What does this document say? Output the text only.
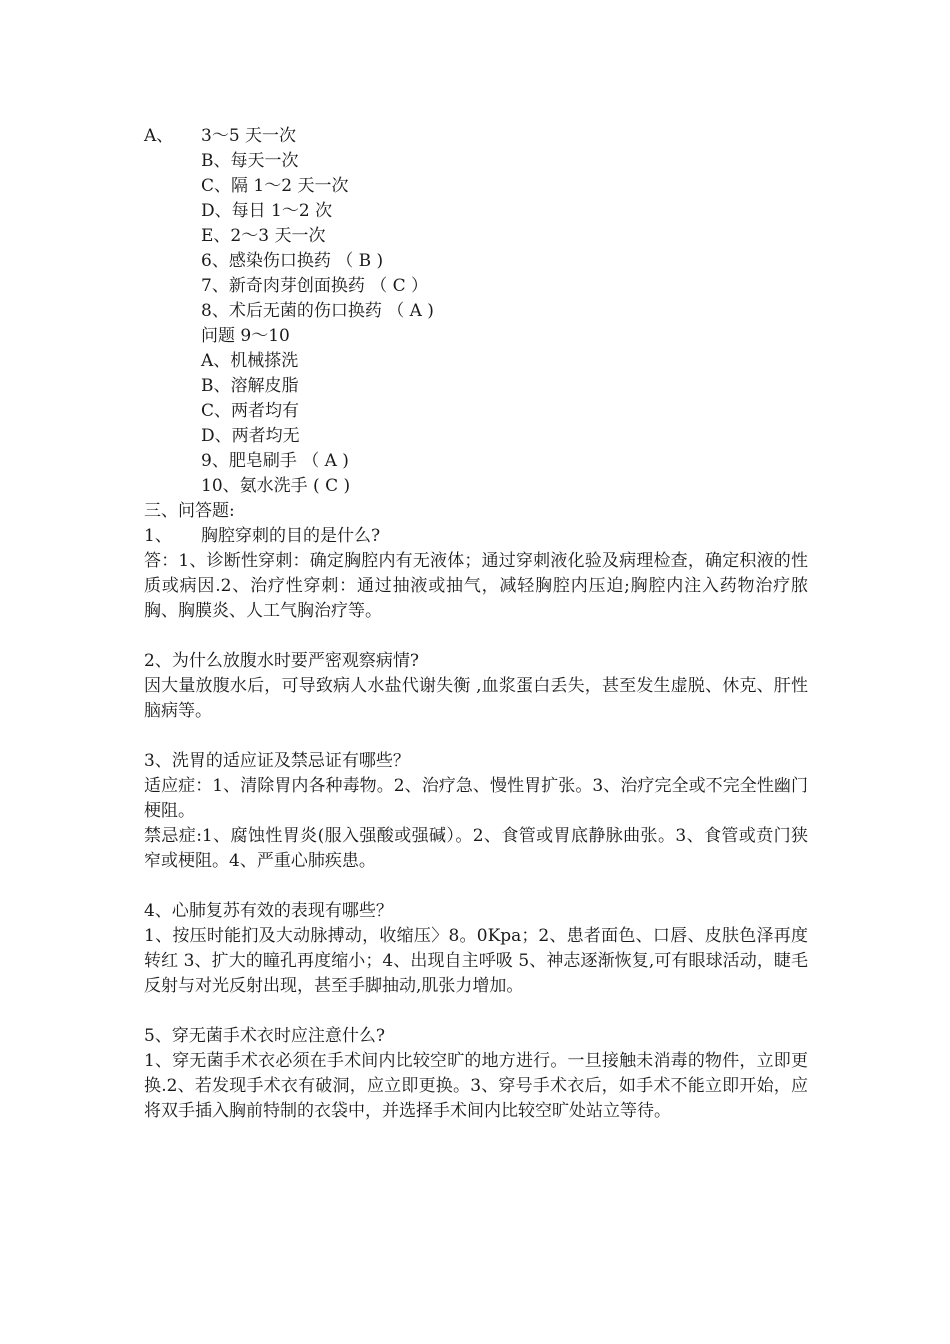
A、 3～5 天一次
B、每天一次
C、隔 1～2 天一次
D、每日 1～2 次
E、2～3 天一次
6、感染伤口换药 （ B )
7、新奇肉芽创面换药 （ C ）
8、术后无菌的伤口换药 （ A )
问题 9～10
A、机械搽洗
B、溶解皮脂
C、两者均有
D、两者均无
9、肥皂刷手 （ A )
10、氨水洗手 ( C )
三、问答题:
1、 胸腔穿刺的目的是什么?
答：1、诊断性穿刺：确定胸腔内有无液体；通过穿刺液化验及病理检查，确定积液的性质或病因.2、治疗性穿刺：通过抽液或抽气，减轻胸腔内压迫;胸腔内注入药物治疗脓胸、胸膜炎、人工气胸治疗等。
2、为什么放腹水时要严密观察病情?
因大量放腹水后，可导致病人水盐代谢失衡 ,血浆蛋白丢失，甚至发生虚脱、休克、肝性脑病等。
3、洗胃的适应证及禁忌证有哪些？
适应症：1、清除胃内各种毒物。2、治疗急、慢性胃扩张。3、治疗完全或不完全性幽门梗阻。
禁忌症:1、腐蚀性胃炎(服入强酸或强碱）。2、食管或胃底静脉曲张。3、食管或贲门狭窄或梗阻。4、严重心肺疾患。
4、心肺复苏有效的表现有哪些？
1、按压时能扪及大动脉搏动，收缩压〉8。0Kpa；2、患者面色、口唇、皮肤色泽再度转红 3、扩大的瞳孔再度缩小；4、出现自主呼吸 5、神志逐渐恢复,可有眼球活动，睫毛反射与对光反射出现，甚至手脚抽动,肌张力增加。
5、穿无菌手术衣时应注意什么?
1、穿无菌手术衣必须在手术间内比较空旷的地方进行。一旦接触未消毒的物件，立即更换.2、若发现手术衣有破洞，应立即更换。3、穿号手术衣后，如手术不能立即开始，应将双手插入胸前特制的衣袋中，并选择手术间内比较空旷处站立等待。
